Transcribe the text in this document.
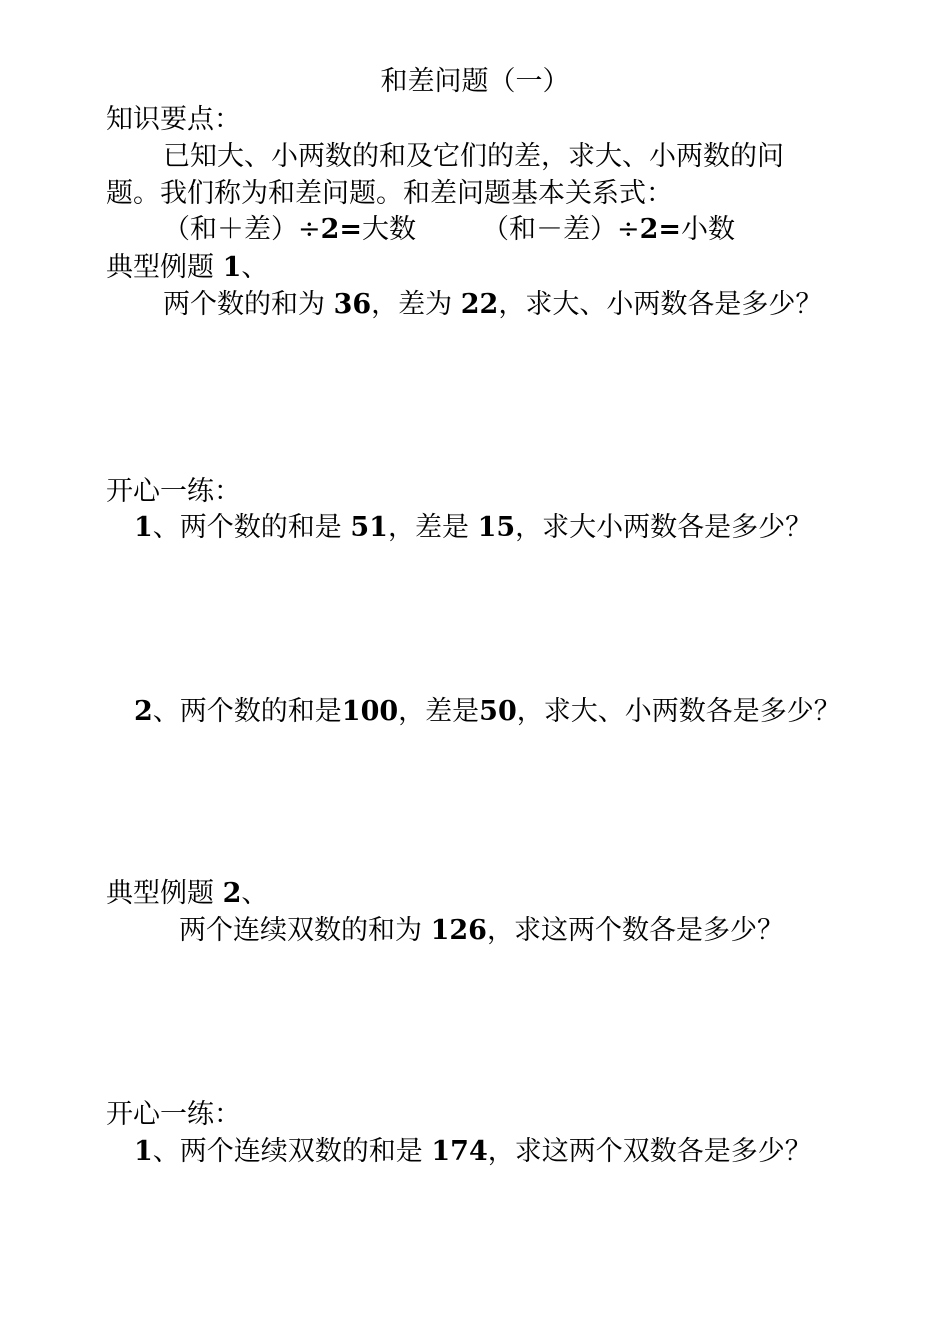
和差问题（一）
知识要点：
已知大、小两数的和及它们的差，求大、小两数的问
题。我们称为和差问题。和差问题基本关系式：
（和＋差）÷2=大数 （和－差）÷2=小数
典型例题 1、
两个数的和为 36，差为 22，求大、小两数各是多少？
开心一练：
1、两个数的和是 51，差是 15，求大小两数各是多少？
2、两个数的和是100，差是50，求大、小两数各是多少？
典型例题 2、
两个连续双数的和为 126，求这两个数各是多少？
开心一练：
1、两个连续双数的和是 174，求这两个双数各是多少？
